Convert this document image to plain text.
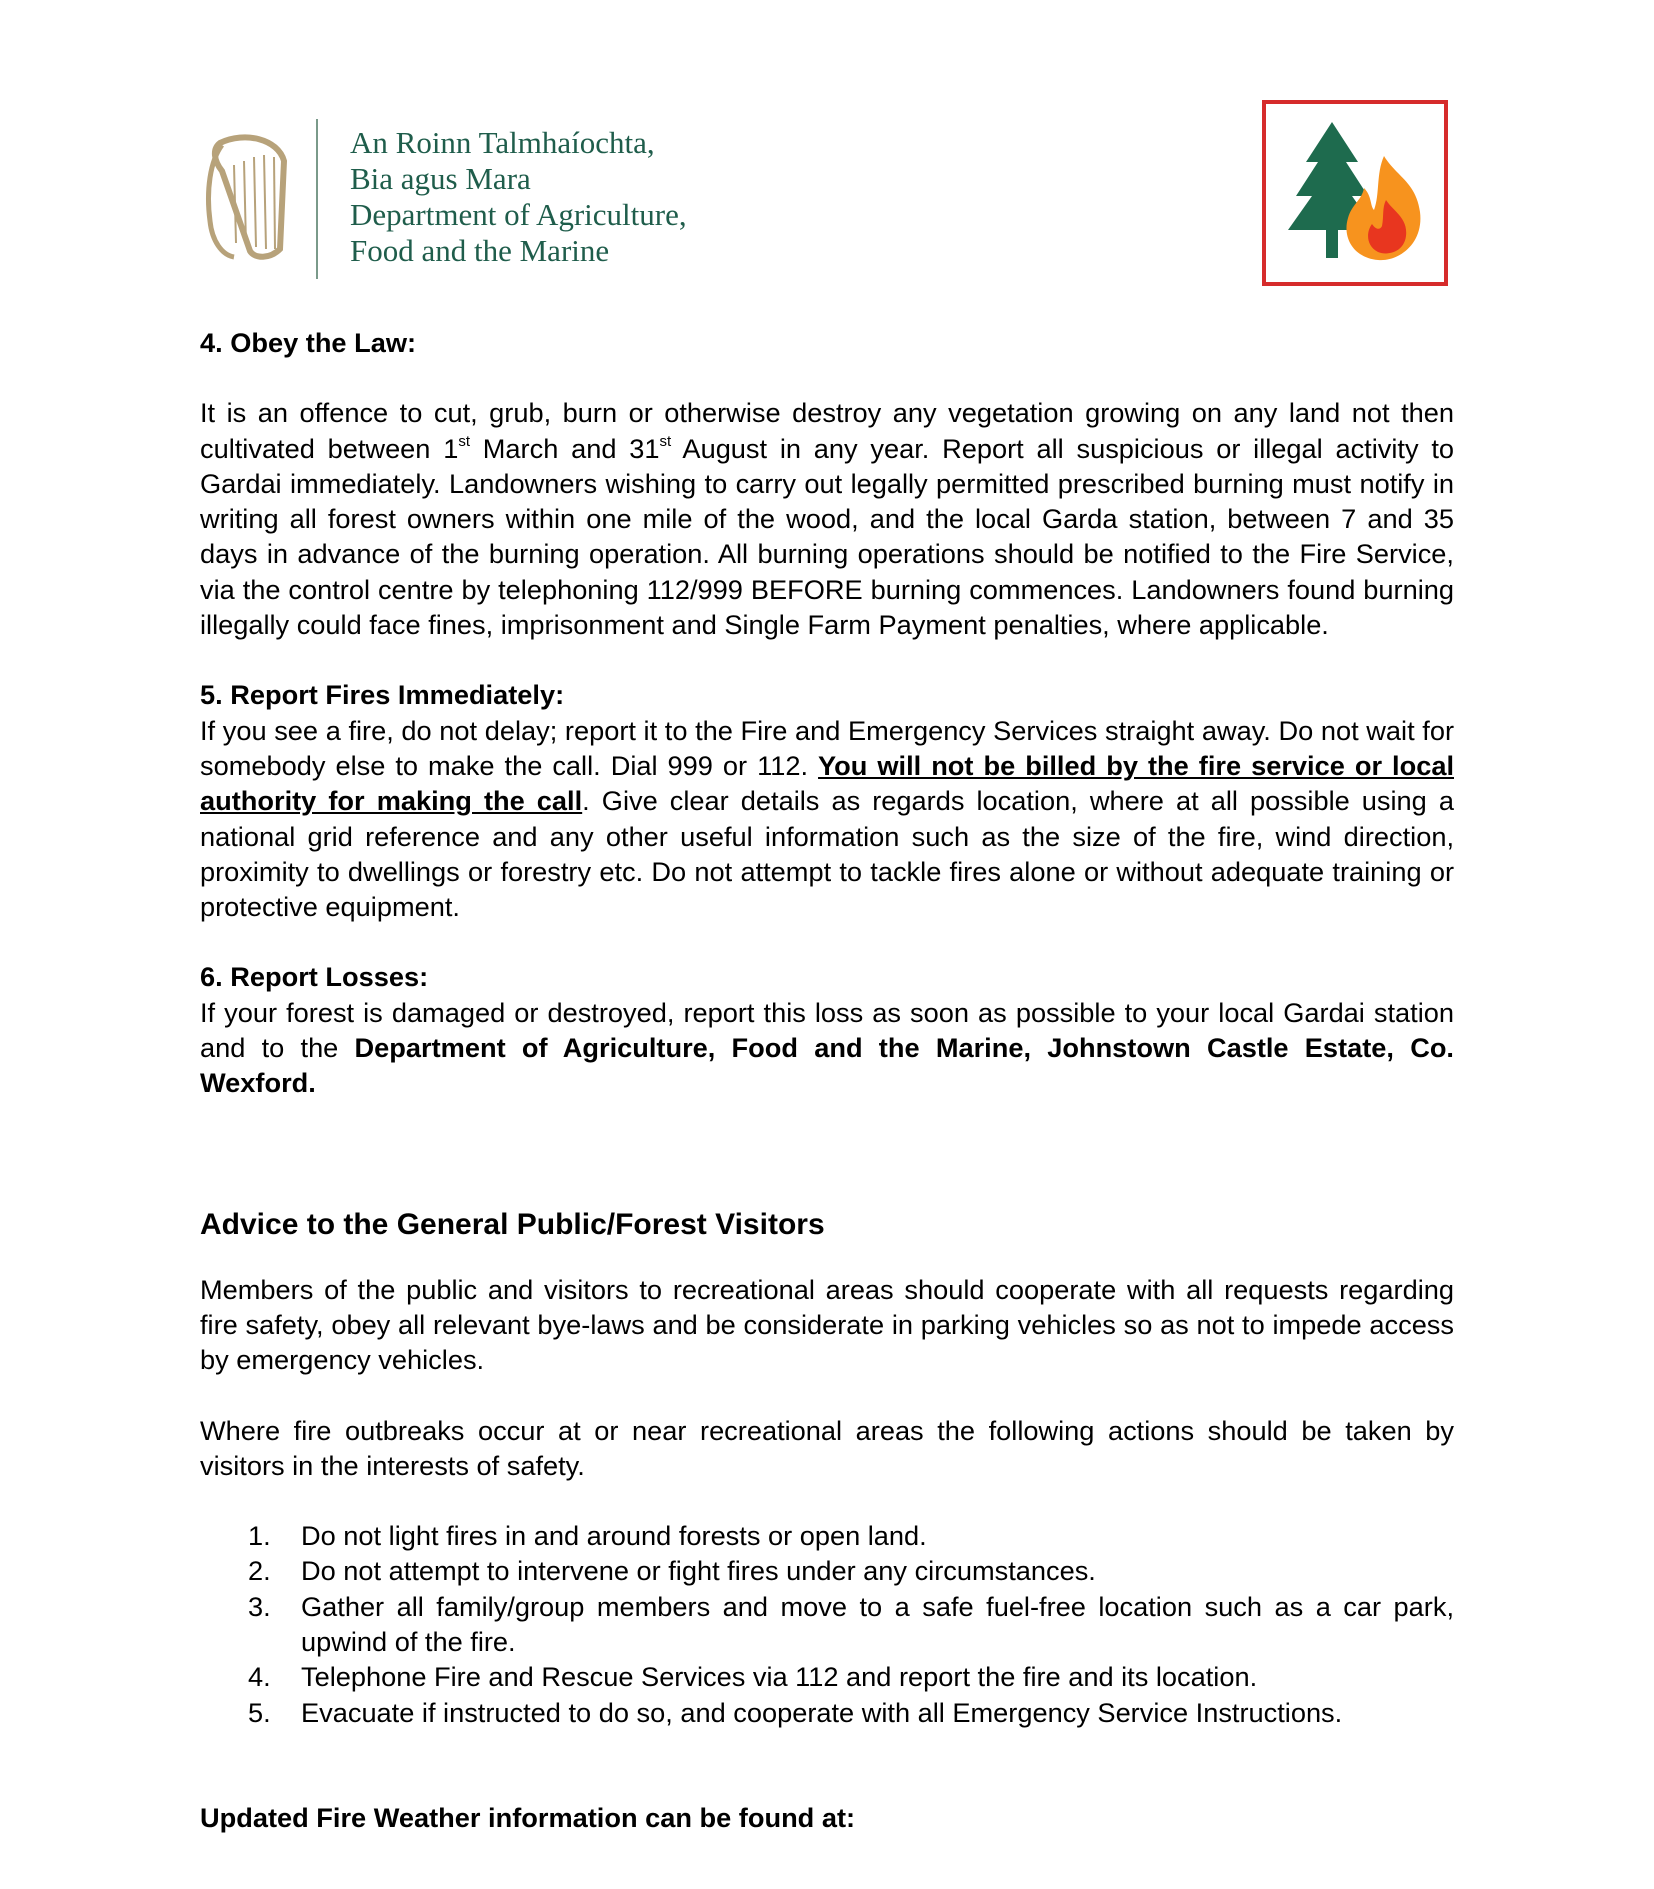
An Roinn Talmhaíochta,
Bia agus Mara
Department of Agriculture,
Food and the Marine

4. Obey the Law:

It is an offence to cut, grub, burn or otherwise destroy any vegetation growing on any land not then cultivated between 1st March and 31st August in any year. Report all suspicious or illegal activity to Gardai immediately. Landowners wishing to carry out legally permitted prescribed burning must notify in writing all forest owners within one mile of the wood, and the local Garda station, between 7 and 35 days in advance of the burning operation. All burning operations should be notified to the Fire Service, via the control centre by telephoning 112/999 BEFORE burning commences. Landowners found burning illegally could face fines, imprisonment and Single Farm Payment penalties, where applicable.

5. Report Fires Immediately:

If you see a fire, do not delay; report it to the Fire and Emergency Services straight away. Do not wait for somebody else to make the call. Dial 999 or 112. You will not be billed by the fire service or local authority for making the call. Give clear details as regards location, where at all possible using a national grid reference and any other useful information such as the size of the fire, wind direction, proximity to dwellings or forestry etc. Do not attempt to tackle fires alone or without adequate training or protective equipment.

6. Report Losses:

If your forest is damaged or destroyed, report this loss as soon as possible to your local Gardai station and to the Department of Agriculture, Food and the Marine, Johnstown Castle Estate, Co. Wexford.

Advice to the General Public/Forest Visitors

Members of the public and visitors to recreational areas should cooperate with all requests regarding fire safety, obey all relevant bye-laws and be considerate in parking vehicles so as not to impede access by emergency vehicles.

Where fire outbreaks occur at or near recreational areas the following actions should be taken by visitors in the interests of safety.

1. Do not light fires in and around forests or open land.
2. Do not attempt to intervene or fight fires under any circumstances.
3. Gather all family/group members and move to a safe fuel-free location such as a car park, upwind of the fire.
4. Telephone Fire and Rescue Services via 112 and report the fire and its location.
5. Evacuate if instructed to do so, and cooperate with all Emergency Service Instructions.

Updated Fire Weather information can be found at:
